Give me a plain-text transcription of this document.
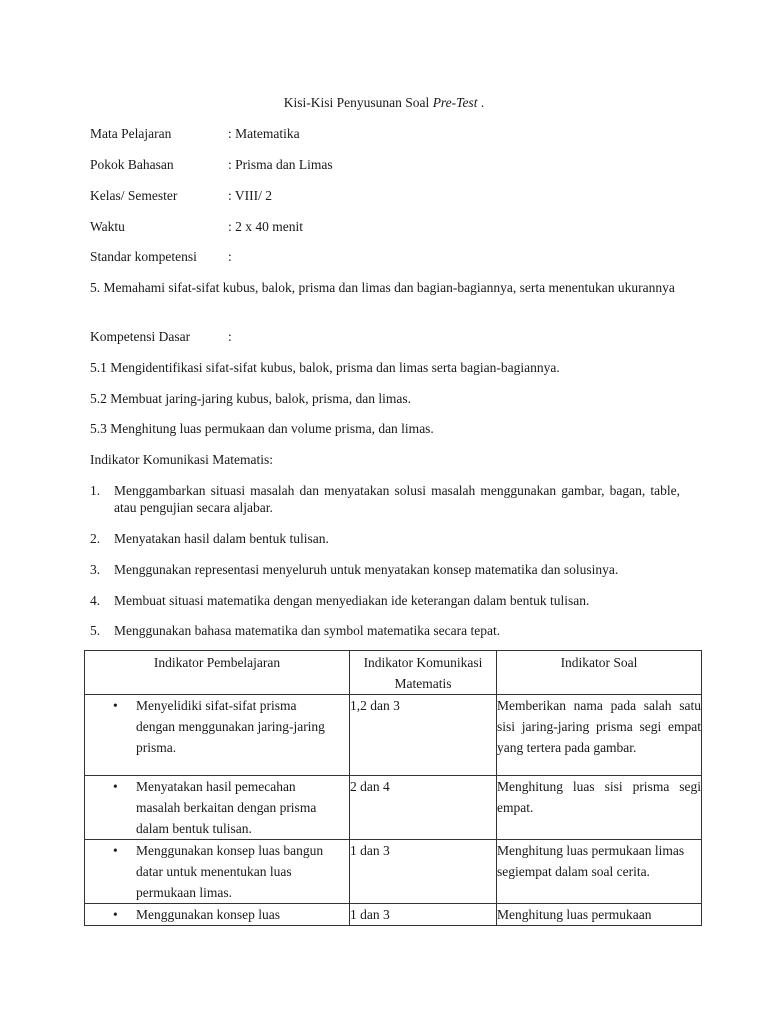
Kisi-Kisi Penyusunan Soal Pre-Test .
Mata Pelajaran	: Matematika
Pokok Bahasan	: Prisma dan Limas
Kelas/ Semester	: VIII/ 2
Waktu	: 2 x 40 menit
Standar kompetensi :
5. Memahami sifat-sifat kubus, balok, prisma dan limas dan bagian-bagiannya, serta menentukan ukurannya
Kompetensi Dasar	:
5.1 Mengidentifikasi sifat-sifat kubus, balok, prisma dan limas serta bagian-bagiannya.
5.2 Membuat jaring-jaring kubus, balok, prisma, dan limas.
5.3 Menghitung luas permukaan dan volume prisma, dan limas.
Indikator Komunikasi Matematis:
1. Menggambarkan situasi masalah dan menyatakan solusi masalah menggunakan gambar, bagan, table, atau pengujian secara aljabar.
2. Menyatakan hasil dalam bentuk tulisan.
3. Menggunakan representasi menyeluruh untuk menyatakan konsep matematika dan solusinya.
4. Membuat situasi matematika dengan menyediakan ide keterangan dalam bentuk tulisan.
5. Menggunakan bahasa matematika dan symbol matematika secara tepat.
Indikator Pembelajaran	Indikator Komunikasi Matematis	Indikator Soal

• Menyelidiki sifat-sifat prisma dengan menggunakan jaring-jaring prisma.	1,2 dan 3	Memberikan nama pada salah satu sisi jaring-jaring prisma segi empat yang tertera pada gambar.

• Menyatakan hasil pemecahan masalah berkaitan dengan prisma dalam bentuk tulisan.	2 dan 4	Menghitung luas sisi prisma segi empat.

• Menggunakan konsep luas bangun datar untuk menentukan luas permukaan limas.	1 dan 3	Menghitung luas permukaan limas segiempat dalam soal cerita.

• Menggunakan konsep luas	1 dan 3	Menghitung luas permukaan
